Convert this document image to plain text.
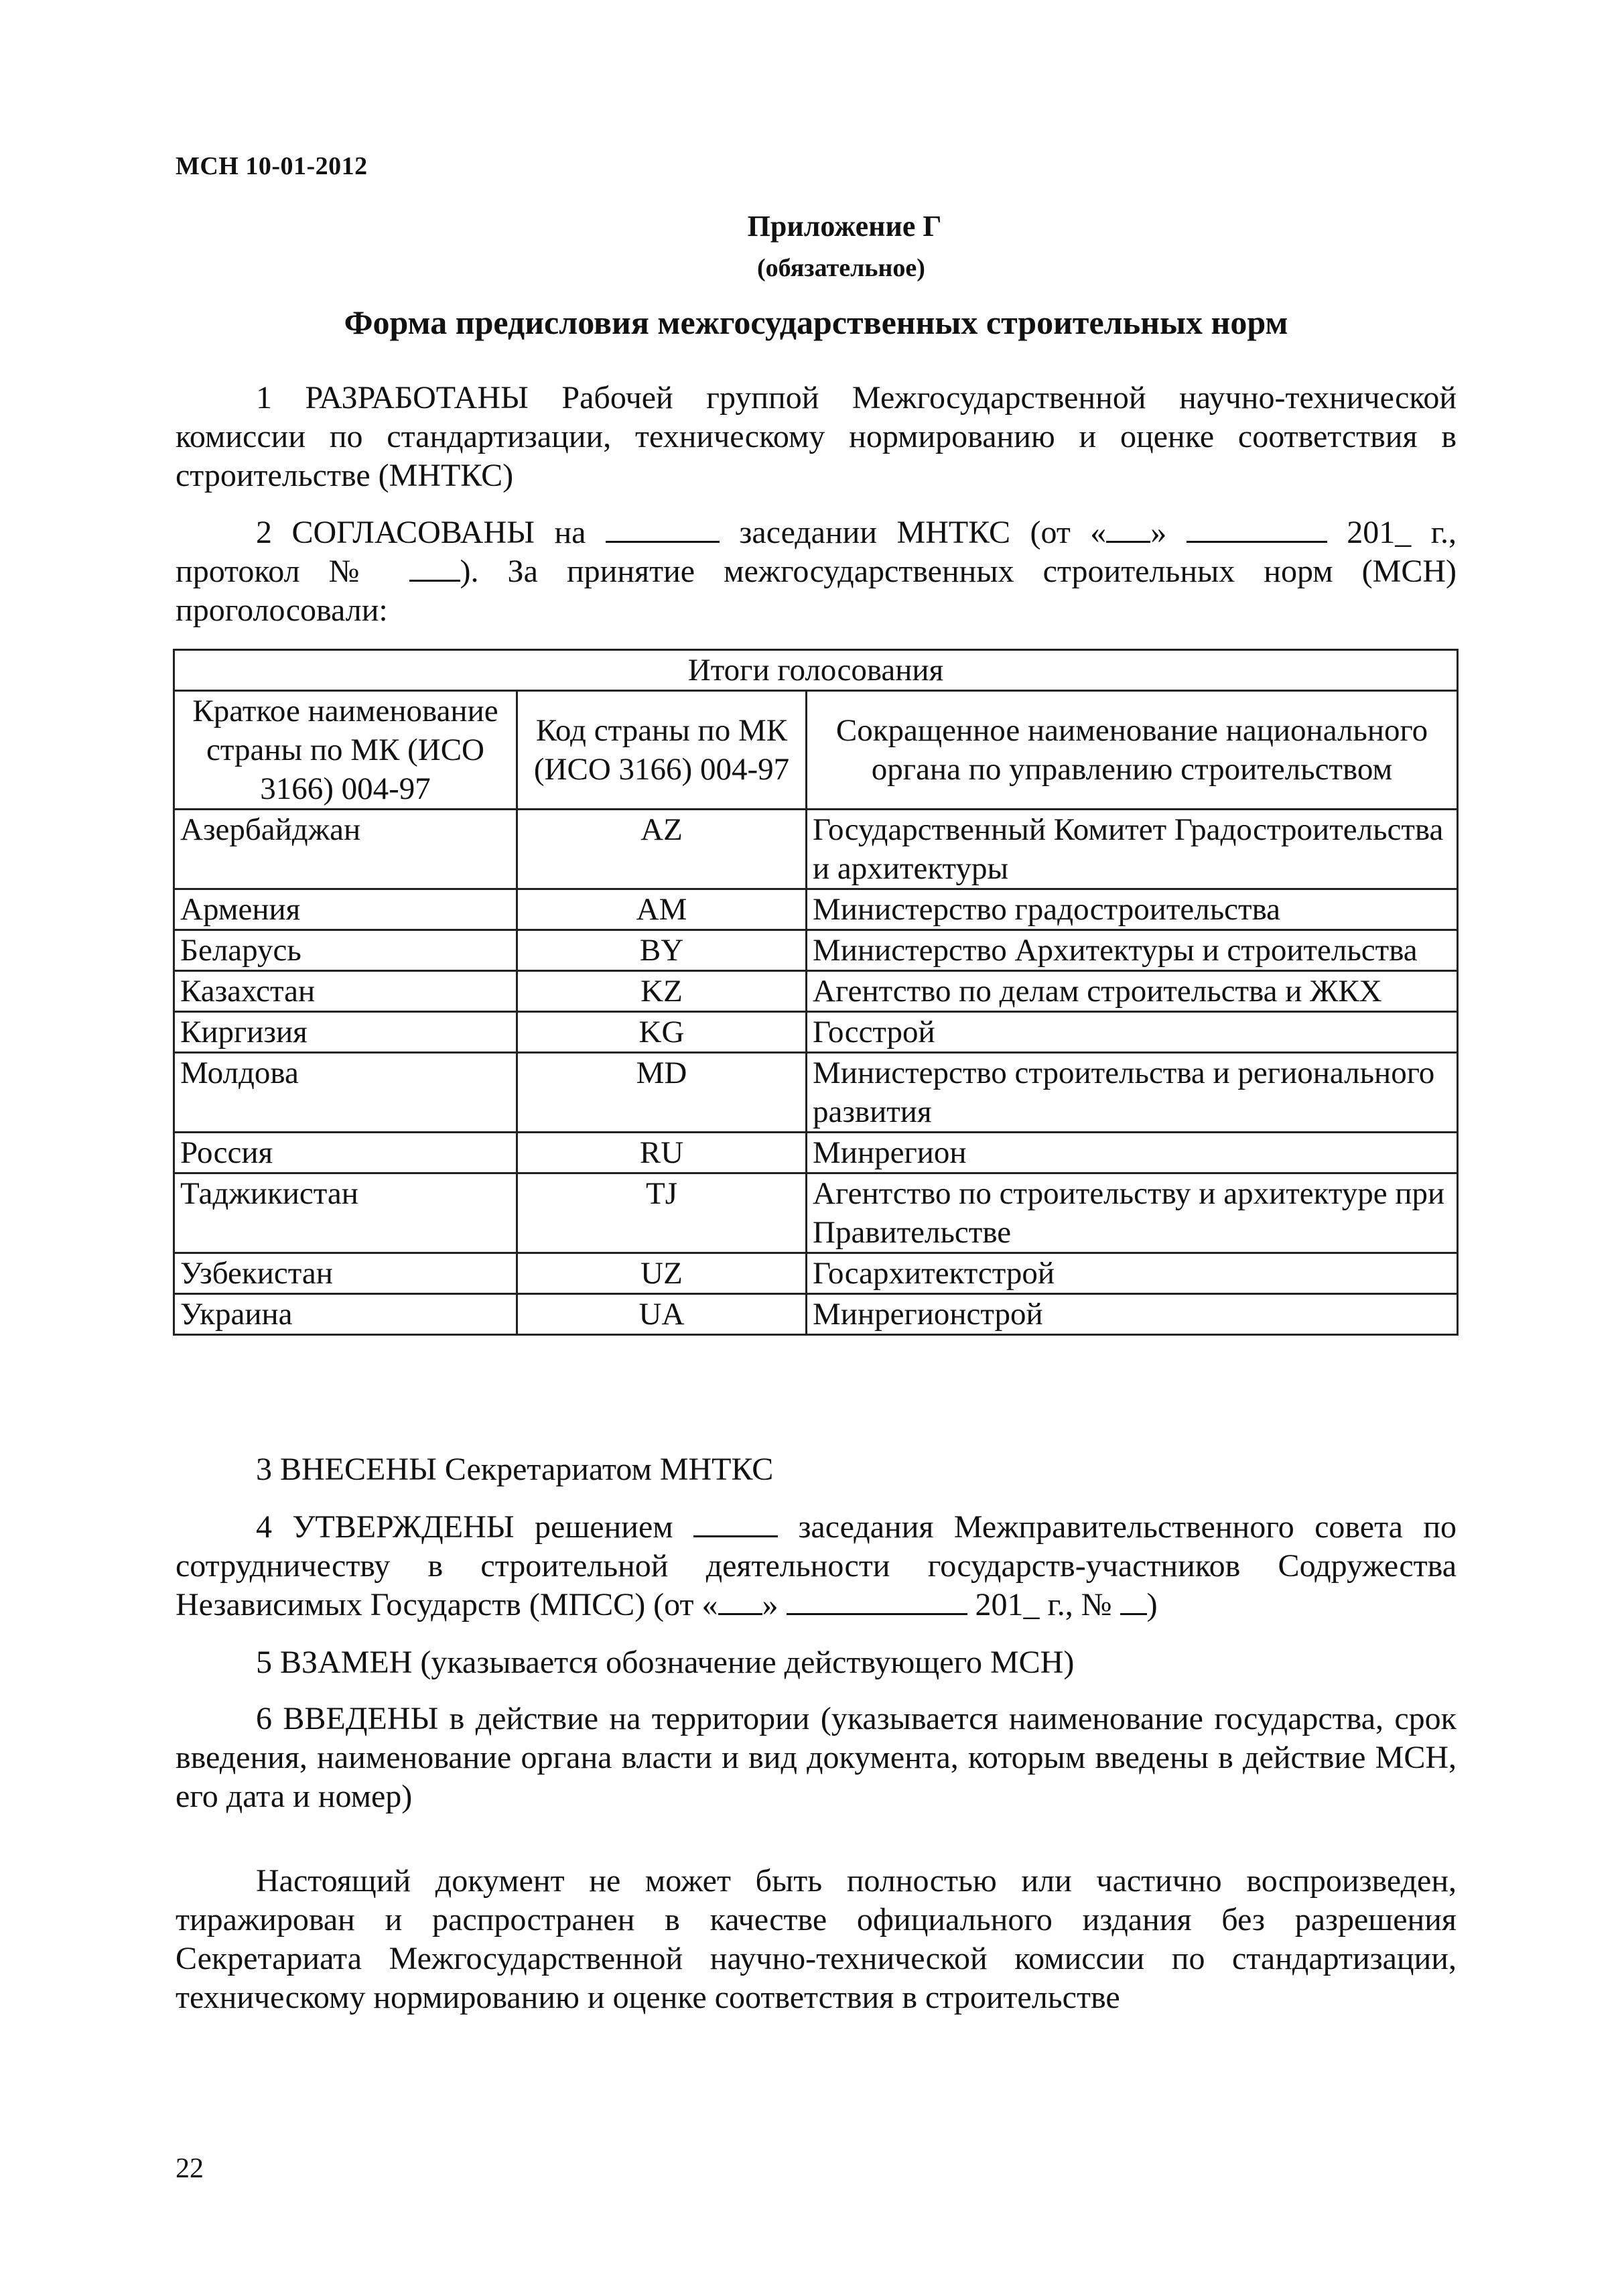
МСН 10-01-2012
Приложение Г
(обязательное)
Форма предисловия межгосударственных строительных норм
1 РАЗРАБОТАНЫ Рабочей группой Межгосударственной научно-технической комиссии по стандартизации, техническому нормированию и оценке соответствия в строительстве (МНТКС)
2 СОГЛАСОВАНЫ на	заседании МНТКС (от « »	201_ г., протокол № ). За принятие межгосударственных строительных норм (МСН) проголосовали:
Итоги голосования		
Краткое наименование страны по МК (ИСО 3166) 004-97	Код страны по МК (ИСО 3166) 004-97	Сокращенное наименование национального органа по управлению строительством
Азербайджан	AZ	Государственный Комитет Градостроительства и архитектуры
Армения	AM	Министерство градостроительства
Беларусь	BY	Министерство Архитектуры и строительства
Казахстан	KZ	Агентство по делам строительства и ЖКХ
Киргизия	KG	Госстрой
Молдова	MD	Министерство строительства и регионального развития
Россия	RU	Минрегион
Таджикистан	TJ	Агентство по строительству и архитектуре при Правительстве
Узбекистан	UZ	Госархитектстрой
Украина	UA	Минрегионстрой
3 ВНЕСЕНЫ Секретариатом МНТКС
4 УТВЕРЖДЕНЫ решением	заседания Межправительственного совета по сотрудничеству в строительной деятельности государств-участников Содружества Независимых Государств (МПСС) (от « »	201_ г., № )
5 ВЗАМЕН (указывается обозначение действующего МСН)
6 ВВЕДЕНЫ в действие на территории (указывается наименование государства, срок введения, наименование органа власти и вид документа, которым введены в действие МСН, его дата и номер)
Настоящий документ не может быть полностью или частично воспроизведен, тиражирован и распространен в качестве официального издания без разрешения Секретариата Межгосударственной научно-технической комиссии по стандартизации, техническому нормированию и оценке соответствия в строительстве
22
